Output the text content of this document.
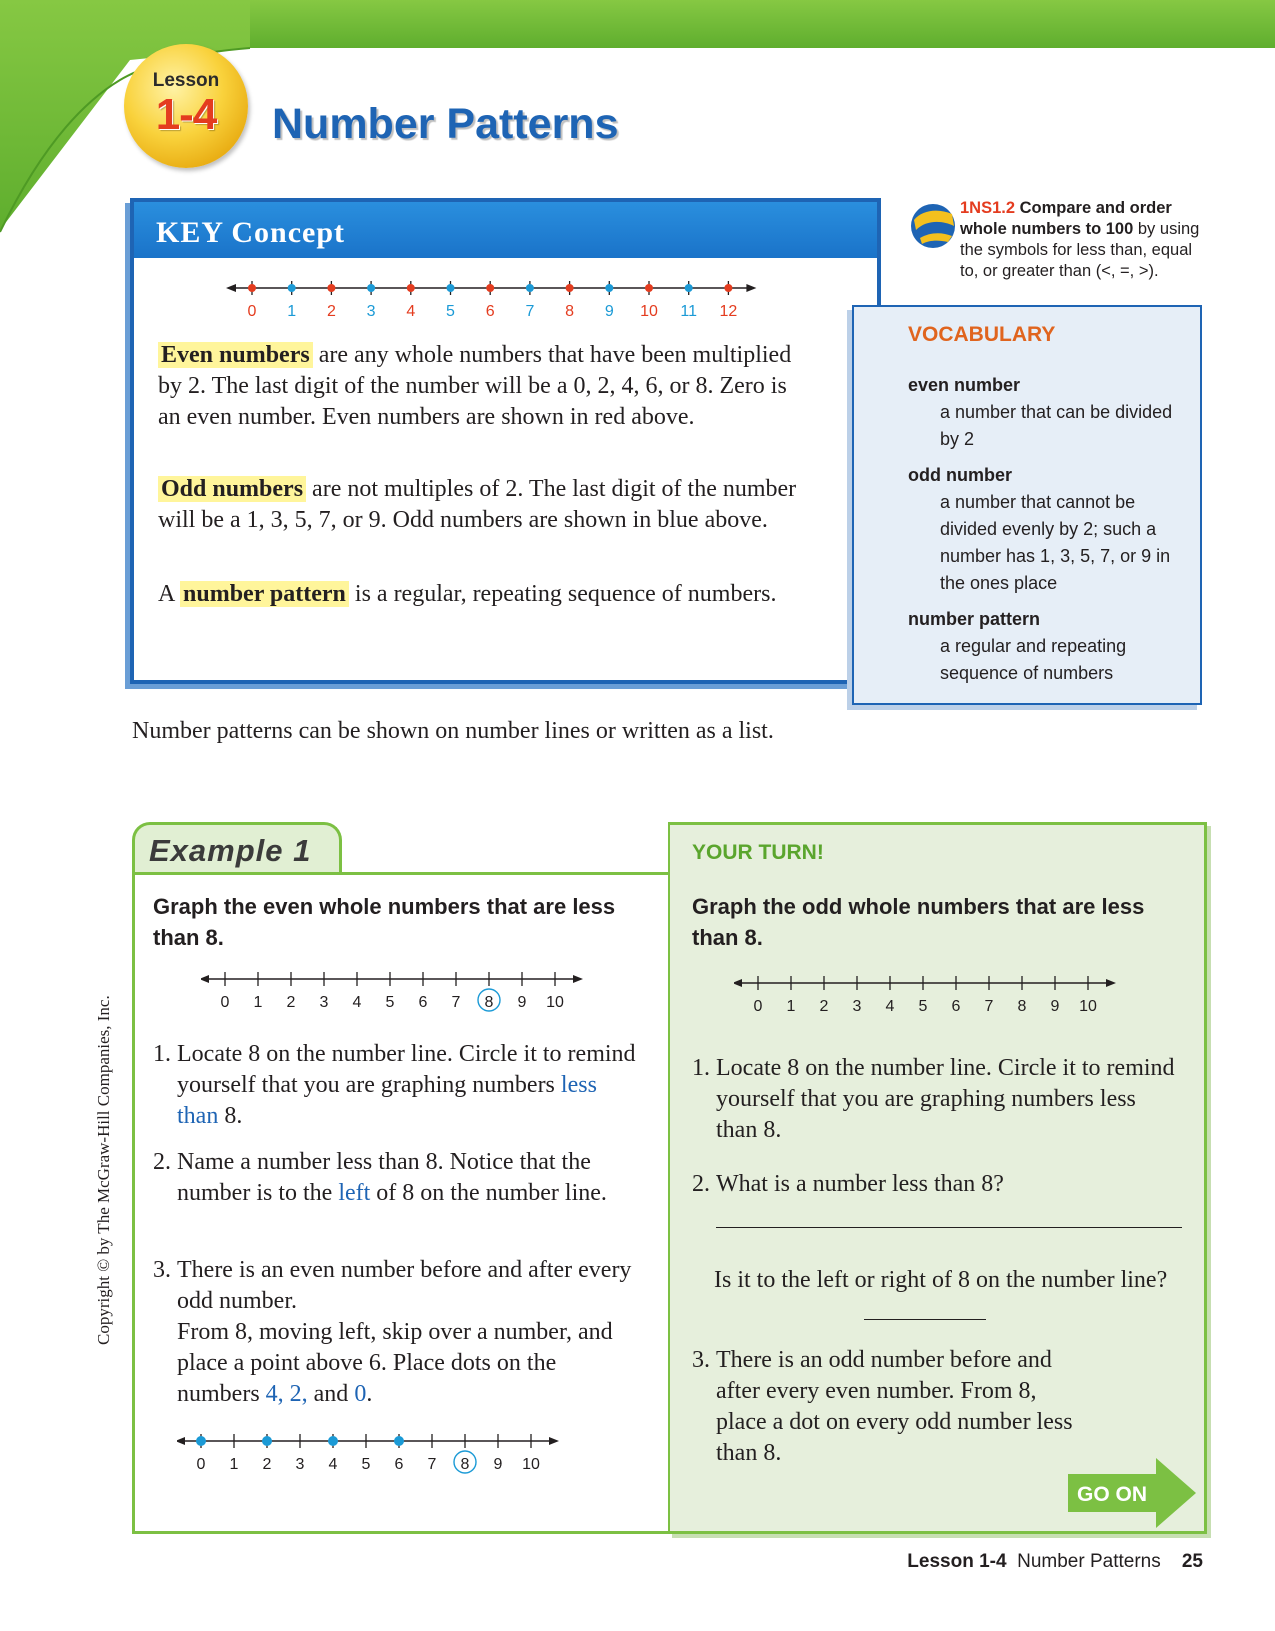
Lesson
1-4	Number Patterns
KEY Concept
0 1 2 3 4 5 6 7 8 9 10 11 12
Even numbers are any whole numbers that have been multiplied by 2. The last digit of the number will be a 0, 2, 4, 6, or 8. Zero is an even number. Even numbers are shown in red above.
Odd numbers are not multiples of 2. The last digit of the number will be a 1, 3, 5, 7, or 9. Odd numbers are shown in blue above.
A number pattern is a regular, repeating sequence of numbers.
1NS1.2 Compare and order whole numbers to 100 by using the symbols for less than, equal to, or greater than (<, =, >).
VOCABULARY
even number
a number that can be divided by 2
odd number
a number that cannot be divided evenly by 2; such a number has 1, 3, 5, 7, or 9 in the ones place
number pattern
a regular and repeating sequence of numbers
Number patterns can be shown on number lines or written as a list.
Example 1
Graph the even whole numbers that are less than 8.
0 1 2 3 4 5 6 7 8 9 10
1. Locate 8 on the number line. Circle it to remind yourself that you are graphing numbers less than 8.
2. Name a number less than 8. Notice that the number is to the left of 8 on the number line.
3. There is an even number before and after every odd number.
From 8, moving left, skip over a number, and place a point above 6. Place dots on the numbers 4, 2, and 0.
0 1 2 3 4 5 6 7 8 9 10
YOUR TURN!
Graph the odd whole numbers that are less than 8.
0 1 2 3 4 5 6 7 8 9 10
1. Locate 8 on the number line. Circle it to remind yourself that you are graphing numbers less than 8.
2. What is a number less than 8?
Is it to the left or right of 8 on the number line?
3. There is an odd number before and after every even number. From 8, place a dot on every odd number less than 8.
GO ON
Copyright © by The McGraw-Hill Companies, Inc.
Lesson 1-4 Number Patterns 25
